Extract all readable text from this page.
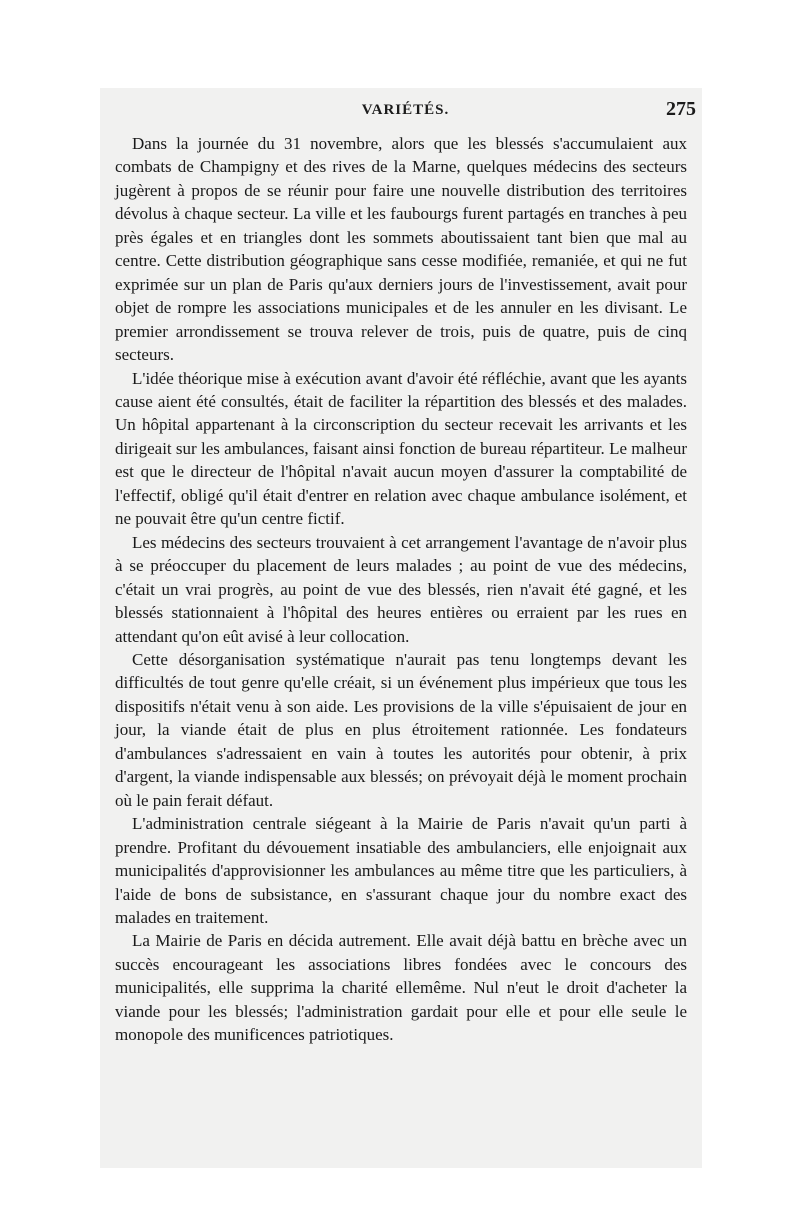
VARIÉTÉS.	275

Dans la journée du 31 novembre, alors que les blessés s'accumulaient aux combats de Champigny et des rives de la Marne, quelques médecins des secteurs jugèrent à propos de se réunir pour faire une nouvelle distribution des territoires dévolus à chaque secteur. La ville et les faubourgs furent partagés en tranches à peu près égales et en triangles dont les sommets aboutissaient tant bien que mal au centre. Cette distribution géographique sans cesse modifiée, remaniée, et qui ne fut exprimée sur un plan de Paris qu'aux derniers jours de l'investissement, avait pour objet de rompre les associations municipales et de les annuler en les divisant. Le premier arrondissement se trouva relever de trois, puis de quatre, puis de cinq secteurs.

L'idée théorique mise à exécution avant d'avoir été réfléchie, avant que les ayants cause aient été consultés, était de faciliter la répartition des blessés et des malades. Un hôpital appartenant à la circonscription du secteur recevait les arrivants et les dirigeait sur les ambulances, faisant ainsi fonction de bureau répartiteur. Le malheur est que le directeur de l'hôpital n'avait aucun moyen d'assurer la comptabilité de l'effectif, obligé qu'il était d'entrer en relation avec chaque ambulance isolément, et ne pouvait être qu'un centre fictif.

Les médecins des secteurs trouvaient à cet arrangement l'avantage de n'avoir plus à se préoccuper du placement de leurs malades ; au point de vue des médecins, c'était un vrai progrès, au point de vue des blessés, rien n'avait été gagné, et les blessés stationnaient à l'hôpital des heures entières ou erraient par les rues en attendant qu'on eût avisé à leur collocation.

Cette désorganisation systématique n'aurait pas tenu longtemps devant les difficultés de tout genre qu'elle créait, si un événement plus impérieux que tous les dispositifs n'était venu à son aide. Les provisions de la ville s'épuisaient de jour en jour, la viande était de plus en plus étroitement rationnée. Les fondateurs d'ambulances s'adressaient en vain à toutes les autorités pour obtenir, à prix d'argent, la viande indispensable aux blessés; on prévoyait déjà le moment prochain où le pain ferait défaut.

L'administration centrale siégeant à la Mairie de Paris n'avait qu'un parti à prendre. Profitant du dévouement insatiable des ambulanciers, elle enjoignait aux municipalités d'approvisionner les ambulances au même titre que les particuliers, à l'aide de bons de subsistance, en s'assurant chaque jour du nombre exact des malades en traitement.

La Mairie de Paris en décida autrement. Elle avait déjà battu en brèche avec un succès encourageant les associations libres fondées avec le concours des municipalités, elle supprima la charité ellemême. Nul n'eut le droit d'acheter la viande pour les blessés; l'administration gardait pour elle et pour elle seule le monopole des munificences patriotiques.
